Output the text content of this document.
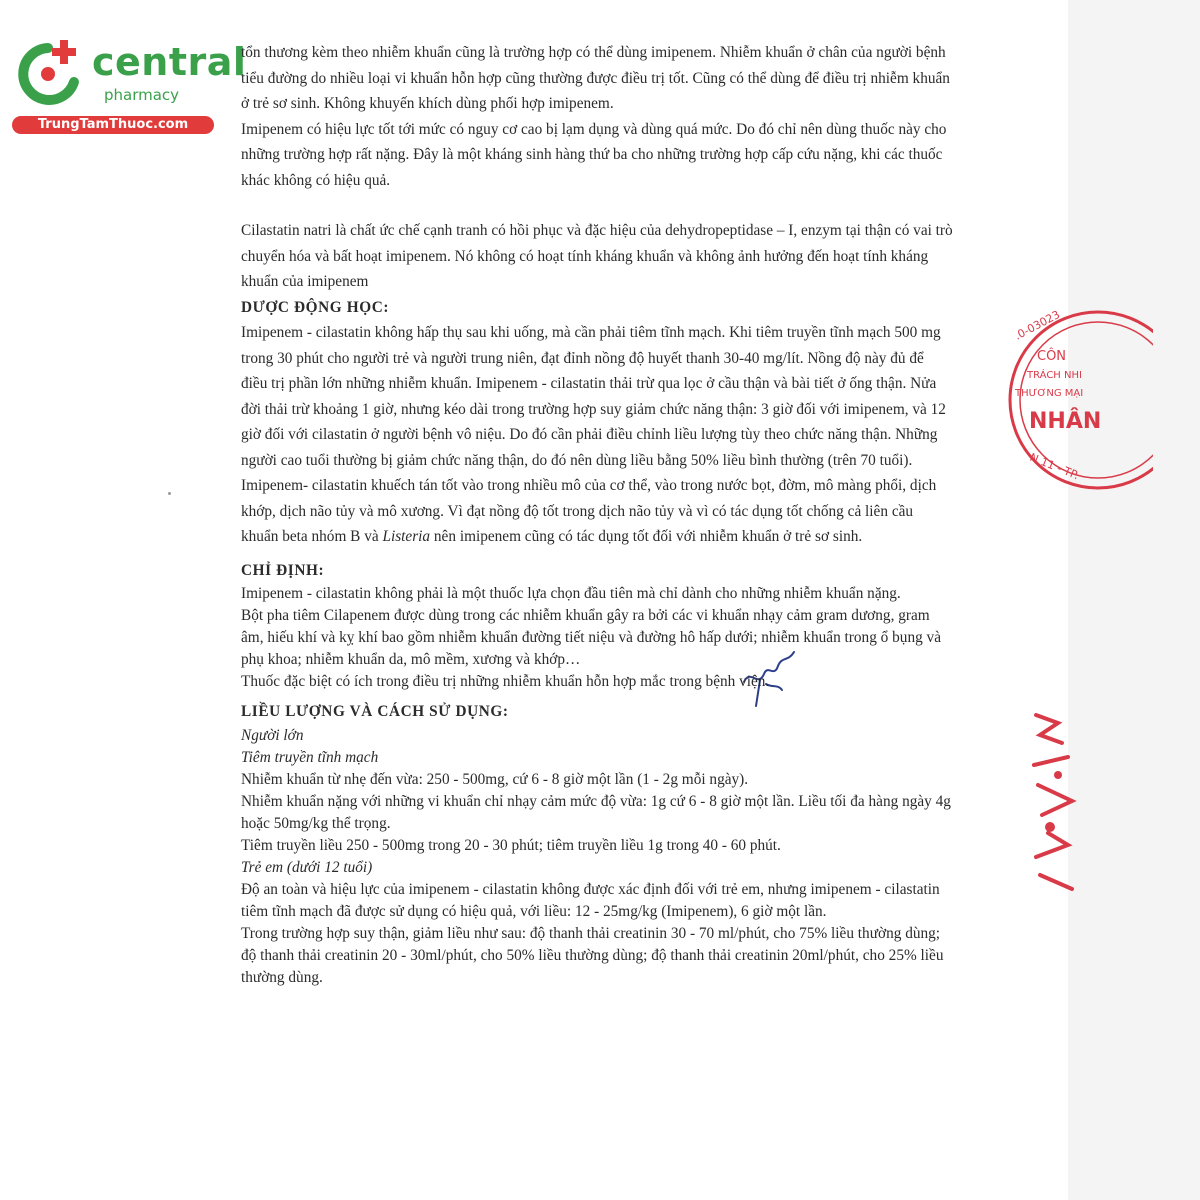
central
pharmacy
TrungTamThuoc.com
.0-03023
CÔN
TRÁCH NHI
THƯƠNG MẠI
NHÂN
N 11 - TP.

tổn thương kèm theo nhiễm khuẩn cũng là trường hợp có thể dùng imipenem. Nhiễm khuẩn ở chân của người bệnh tiểu đường do nhiều loại vi khuẩn hỗn hợp cũng thường được điều trị tốt. Cũng có thể dùng để điều trị nhiễm khuẩn ở trẻ sơ sinh. Không khuyến khích dùng phối hợp imipenem.

Imipenem có hiệu lực tốt tới mức có nguy cơ cao bị lạm dụng và dùng quá mức. Do đó chỉ nên dùng thuốc này cho những trường hợp rất nặng. Đây là một kháng sinh hàng thứ ba cho những trường hợp cấp cứu nặng, khi các thuốc khác không có hiệu quả.

Cilastatin natri là chất ức chế cạnh tranh có hồi phục và đặc hiệu của dehydropeptidase – I, enzym tại thận có vai trò chuyển hóa và bất hoạt imipenem. Nó không có hoạt tính kháng khuẩn và không ảnh hưởng đến hoạt tính kháng khuẩn của imipenem

DƯỢC ĐỘNG HỌC:

Imipenem - cilastatin không hấp thụ sau khi uống, mà cần phải tiêm tĩnh mạch. Khi tiêm truyền tĩnh mạch 500 mg trong 30 phút cho người trẻ và người trung niên, đạt đỉnh nồng độ huyết thanh 30-40 mg/lít. Nồng độ này đủ để điều trị phần lớn những nhiễm khuẩn. Imipenem - cilastatin thải trừ qua lọc ở cầu thận và bài tiết ở ống thận. Nửa đời thải trừ khoảng 1 giờ, nhưng kéo dài trong trường hợp suy giảm chức năng thận: 3 giờ đối với imipenem, và 12 giờ đối với cilastatin ở người bệnh vô niệu. Do đó cần phải điều chỉnh liều lượng tùy theo chức năng thận. Những người cao tuổi thường bị giảm chức năng thận, do đó nên dùng liều bằng 50% liều bình thường (trên 70 tuổi).

Imipenem- cilastatin khuếch tán tốt vào trong nhiều mô của cơ thể, vào trong nước bọt, đờm, mô màng phổi, dịch khớp, dịch não tủy và mô xương. Vì đạt nồng độ tốt trong dịch não tủy và vì có tác dụng tốt chống cả liên cầu khuẩn beta nhóm B và Listeria nên imipenem cũng có tác dụng tốt đối với nhiễm khuẩn ở trẻ sơ sinh.

CHỈ ĐỊNH:

Imipenem - cilastatin không phải là một thuốc lựa chọn đầu tiên mà chỉ dành cho những nhiễm khuẩn nặng.

Bột pha tiêm Cilapenem được dùng trong các nhiễm khuẩn gây ra bởi các vi khuẩn nhạy cảm gram dương, gram âm, hiếu khí và kỵ khí bao gồm nhiễm khuẩn đường tiết niệu và đường hô hấp dưới; nhiễm khuẩn trong ổ bụng và phụ khoa; nhiễm khuẩn da, mô mềm, xương và khớp…

Thuốc đặc biệt có ích trong điều trị những nhiễm khuẩn hỗn hợp mắc trong bệnh viện.

LIỀU LƯỢNG VÀ CÁCH SỬ DỤNG:

Người lớn

Tiêm truyền tĩnh mạch

Nhiễm khuẩn từ nhẹ đến vừa: 250 - 500mg, cứ 6 - 8 giờ một lần (1 - 2g mỗi ngày).

Nhiễm khuẩn nặng với những vi khuẩn chỉ nhạy cảm mức độ vừa: 1g cứ 6 - 8 giờ một lần. Liều tối đa hàng ngày 4g hoặc 50mg/kg thể trọng.

Tiêm truyền liều 250 - 500mg trong 20 - 30 phút; tiêm truyền liều 1g trong 40 - 60 phút.

Trẻ em (dưới 12 tuổi)

Độ an toàn và hiệu lực của imipenem - cilastatin không được xác định đối với trẻ em, nhưng imipenem - cilastatin tiêm tĩnh mạch đã được sử dụng có hiệu quả, với liều: 12 - 25mg/kg (Imipenem), 6 giờ một lần.

Trong trường hợp suy thận, giảm liều như sau: độ thanh thải creatinin 30 - 70 ml/phút, cho 75% liều thường dùng; độ thanh thải creatinin 20 - 30ml/phút, cho 50% liều thường dùng; độ thanh thải creatinin 20ml/phút, cho 25% liều thường dùng.
